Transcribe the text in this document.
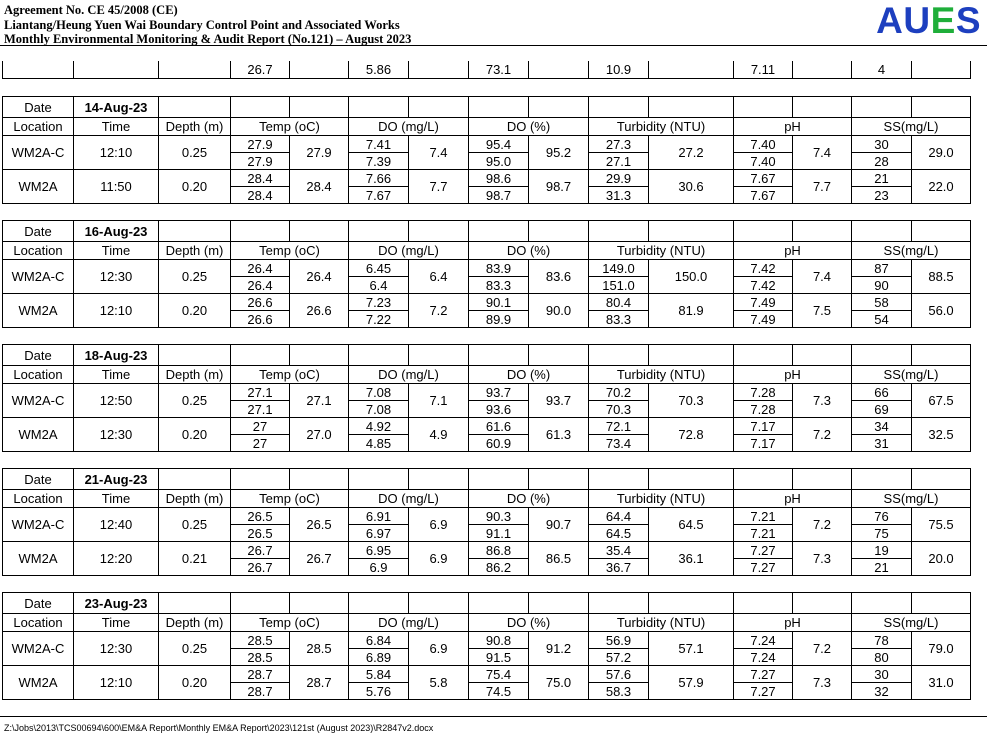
Agreement No. CE 45/2008 (CE)
Liantang/Heung Yuen Wai Boundary Control Point and Associated Works
Monthly Environmental Monitoring & Audit Report (No.121) – August 2023	AUES
			26.7		5.86		73.1		10.9		7.11		4	
Date	14-Aug-23													
Location	Time	Depth (m)	Temp (oC)		DO (mg/L)		DO (%)		Turbidity (NTU)		pH		SS(mg/L)	
WM2A-C	12:10	0.25	27.9	27.9	7.41	7.4	95.4	95.2	27.3	27.2	7.40	7.4	30	29.0
			27.9		7.39		95.0		27.1		7.40		28	
WM2A	11:50	0.20	28.4	28.4	7.66	7.7	98.6	98.7	29.9	30.6	7.67	7.7	21	22.0
			28.4		7.67		98.7		31.3		7.67		23	
Date	16-Aug-23													
Location	Time	Depth (m)	Temp (oC)		DO (mg/L)		DO (%)		Turbidity (NTU)		pH		SS(mg/L)	
WM2A-C	12:30	0.25	26.4	26.4	6.45	6.4	83.9	83.6	149.0	150.0	7.42	7.4	87	88.5
			26.4		6.4		83.3		151.0		7.42		90	
WM2A	12:10	0.20	26.6	26.6	7.23	7.2	90.1	90.0	80.4	81.9	7.49	7.5	58	56.0
			26.6		7.22		89.9		83.3		7.49		54	
Date	18-Aug-23													
Location	Time	Depth (m)	Temp (oC)		DO (mg/L)		DO (%)		Turbidity (NTU)		pH		SS(mg/L)	
WM2A-C	12:50	0.25	27.1	27.1	7.08	7.1	93.7	93.7	70.2	70.3	7.28	7.3	66	67.5
			27.1		7.08		93.6		70.3		7.28		69	
WM2A	12:30	0.20	27	27.0	4.92	4.9	61.6	61.3	72.1	72.8	7.17	7.2	34	32.5
			27		4.85		60.9		73.4		7.17		31	
Date	21-Aug-23													
Location	Time	Depth (m)	Temp (oC)		DO (mg/L)		DO (%)		Turbidity (NTU)		pH		SS(mg/L)	
WM2A-C	12:40	0.25	26.5	26.5	6.91	6.9	90.3	90.7	64.4	64.5	7.21	7.2	76	75.5
			26.5		6.97		91.1		64.5		7.21		75	
WM2A	12:20	0.21	26.7	26.7	6.95	6.9	86.8	86.5	35.4	36.1	7.27	7.3	19	20.0
			26.7		6.9		86.2		36.7		7.27		21	
Date	23-Aug-23													
Location	Time	Depth (m)	Temp (oC)		DO (mg/L)		DO (%)		Turbidity (NTU)		pH		SS(mg/L)	
WM2A-C	12:30	0.25	28.5	28.5	6.84	6.9	90.8	91.2	56.9	57.1	7.24	7.2	78	79.0
			28.5		6.89		91.5		57.2		7.24		80	
WM2A	12:10	0.20	28.7	28.7	5.84	5.8	75.4	75.0	57.6	57.9	7.27	7.3	30	31.0
			28.7		5.76		74.5		58.3		7.27		32	
Z:\Jobs\2013\TCS00694\600\EM&A Report\Monthly EM&A Report\2023\121st (August 2023)\R2847v2.docx
